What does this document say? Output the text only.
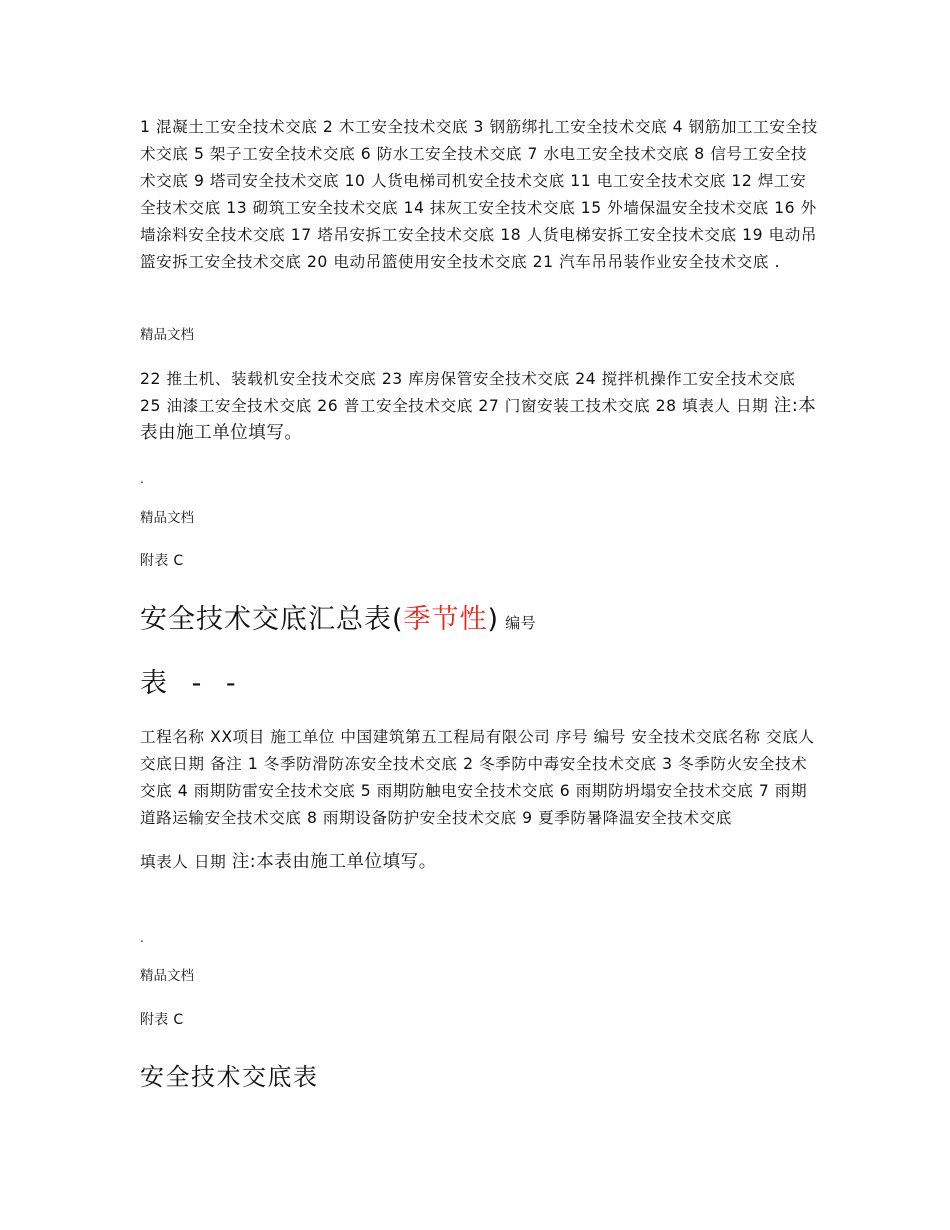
1 混凝土工安全技术交底 2 木工安全技术交底 3 钢筋绑扎工安全技术交底 4 钢筋加工工安全技术交底 5 架子工安全技术交底 6 防水工安全技术交底 7 水电工安全技术交底 8 信号工安全技术交底 9 塔司安全技术交底 10 人货电梯司机安全技术交底 11 电工安全技术交底 12 焊工安全技术交底 13 砌筑工安全技术交底 14 抹灰工安全技术交底 15 外墙保温安全技术交底 16 外墙涂料安全技术交底 17 塔吊安拆工安全技术交底 18 人货电梯安拆工安全技术交底 19 电动吊篮安拆工安全技术交底 20 电动吊篮使用安全技术交底 21 汽车吊吊装作业安全技术交底 .

精品文档

22 推土机、装载机安全技术交底 23 库房保管安全技术交底 24 搅拌机操作工安全技术交底 25 油漆工安全技术交底 26 普工安全技术交底 27 门窗安装工技术交底 28 填表人 日期 注:本表由施工单位填写。

.

精品文档

附表 C

安全技术交底汇总表(季节性) 编号

表 - -

工程名称 XX项目 施工单位 中国建筑第五工程局有限公司 序号 编号 安全技术交底名称 交底人 交底日期 备注 1 冬季防滑防冻安全技术交底 2 冬季防中毒安全技术交底 3 冬季防火安全技术交底 4 雨期防雷安全技术交底 5 雨期防触电安全技术交底 6 雨期防坍塌安全技术交底 7 雨期道路运输安全技术交底 8 雨期设备防护安全技术交底 9 夏季防暑降温安全技术交底

填表人 日期 注:本表由施工单位填写。

.

精品文档

附表 C

安全技术交底表
